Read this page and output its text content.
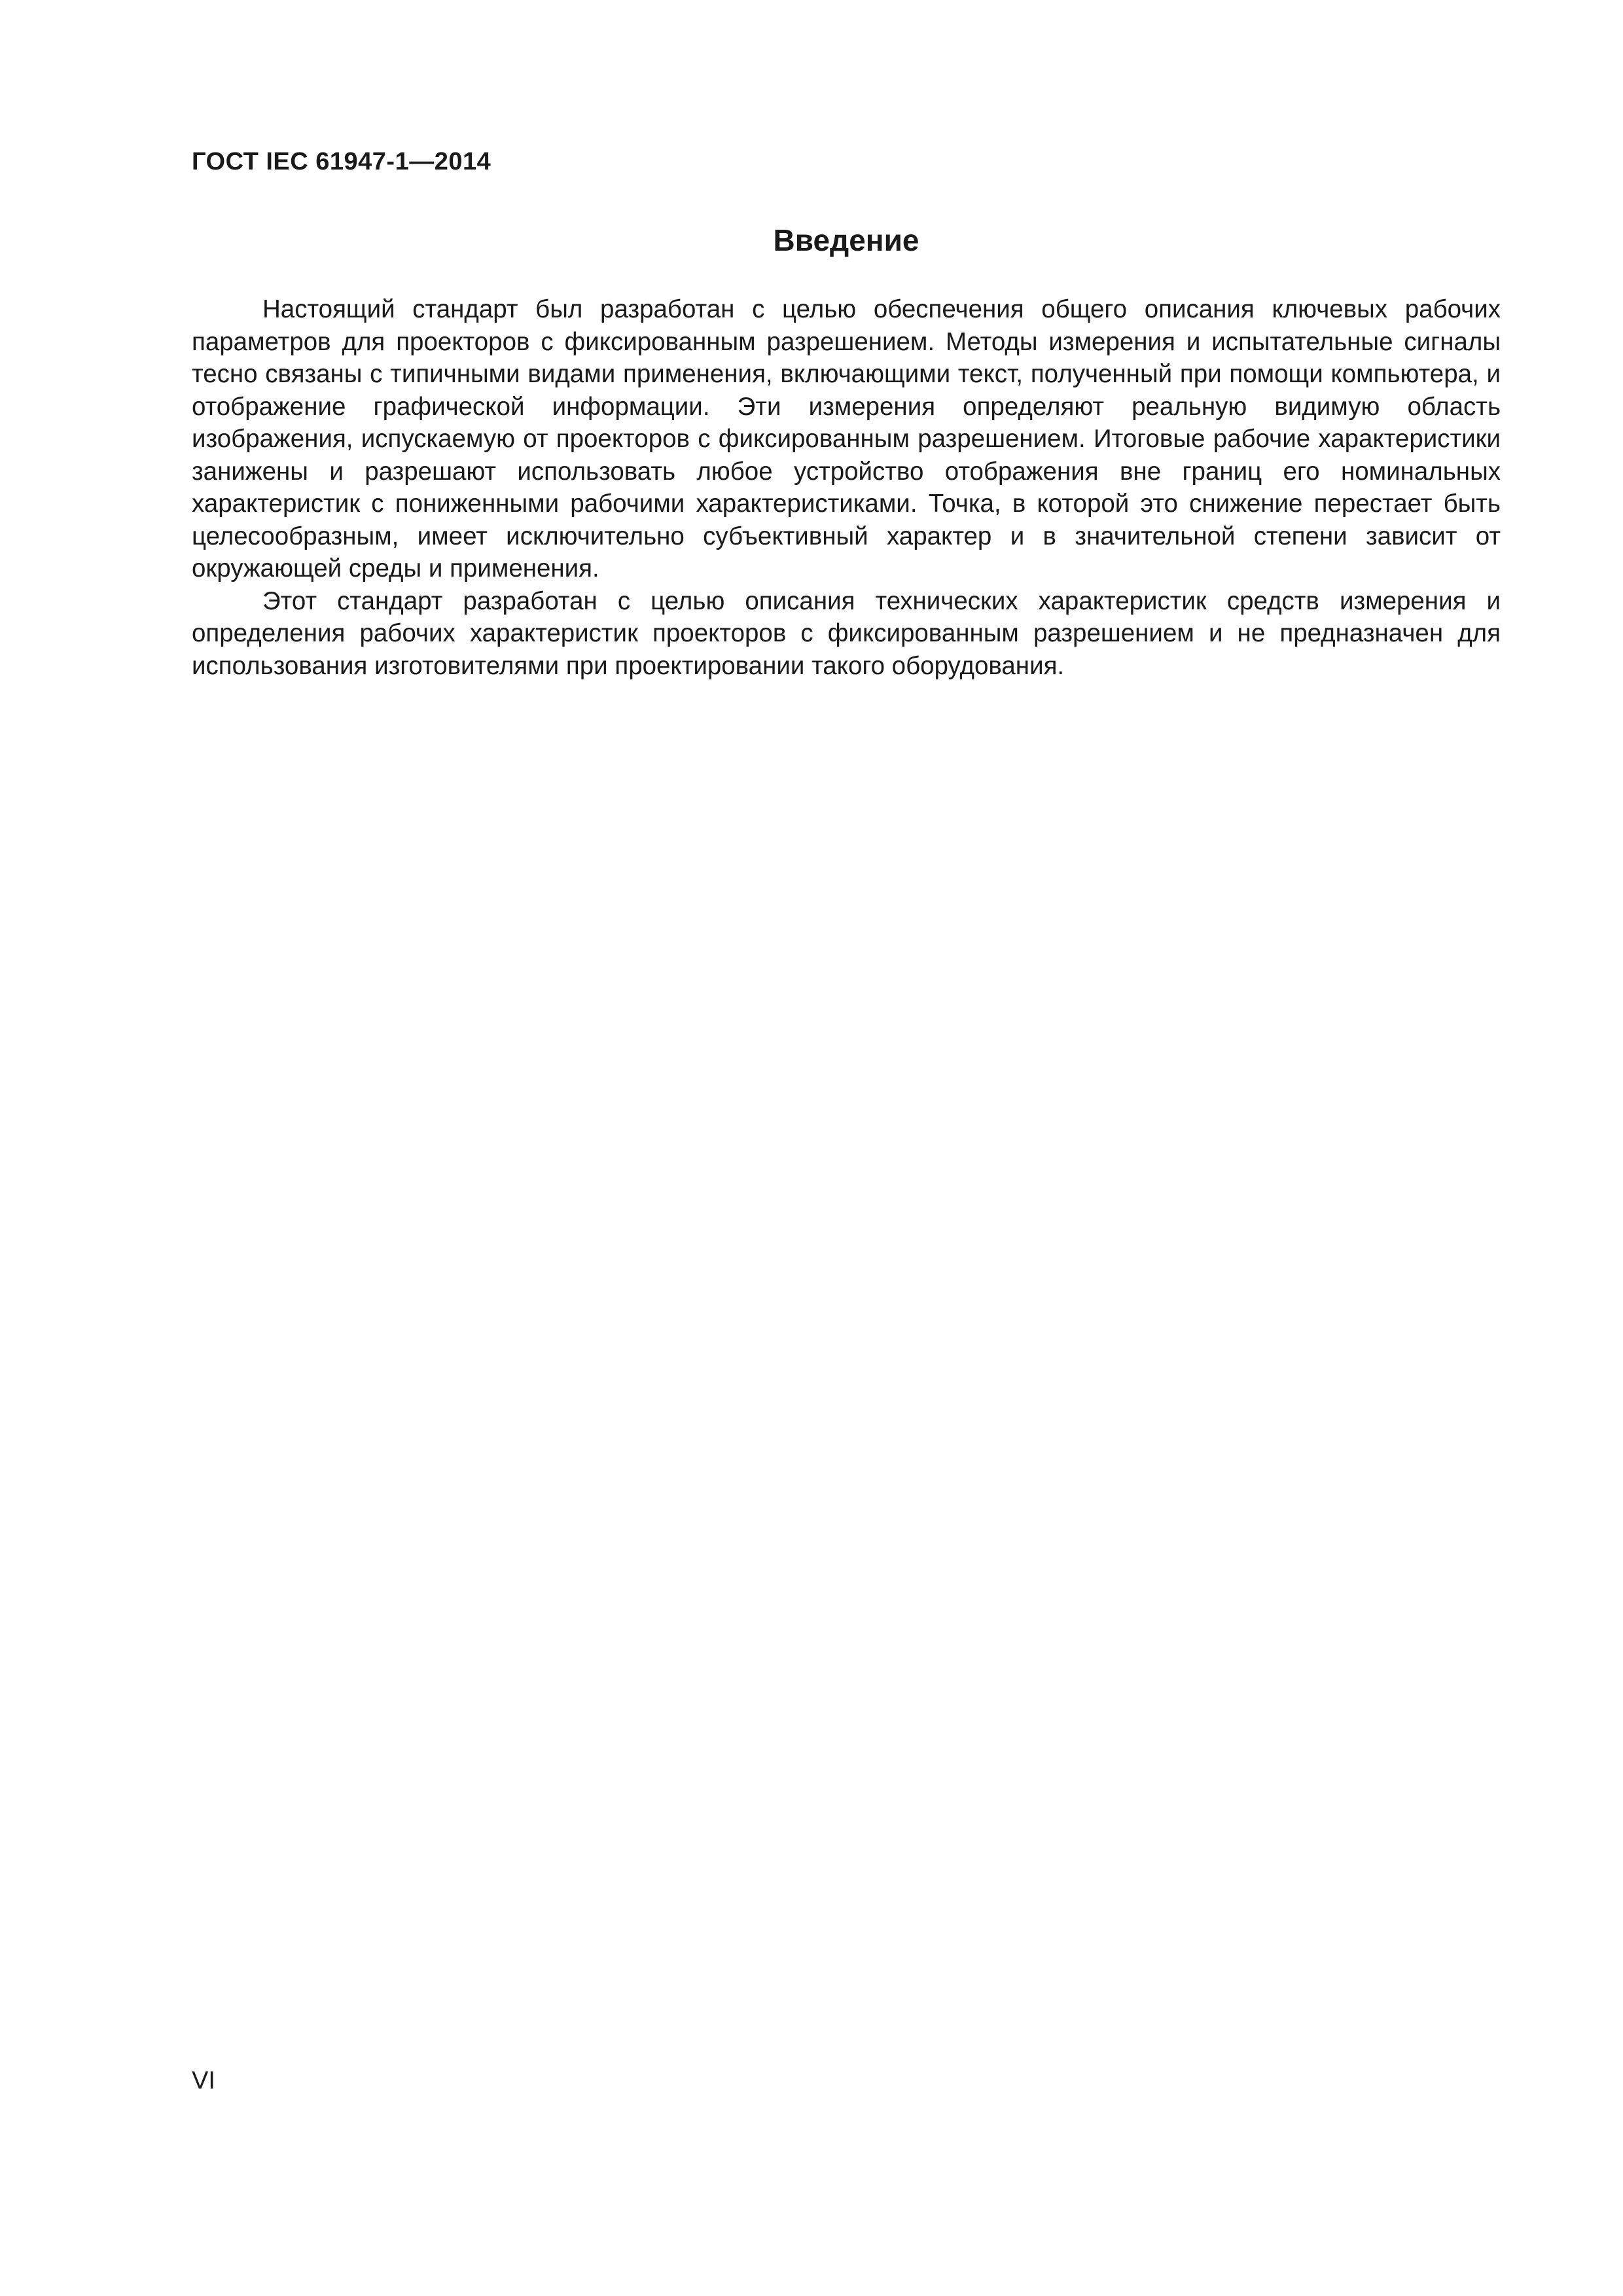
ГОСТ IEC 61947-1—2014
Введение

Настоящий стандарт был разработан с целью обеспечения общего описания ключевых рабочих параметров для проекторов с фиксированным разрешением. Методы измерения и испытательные сигналы тесно связаны с типичными видами применения, включающими текст, полученный при помощи компьютера, и отображение графической информации. Эти измерения определяют реальную видимую область изображения, испускаемую от проекторов с фиксированным разрешением. Итоговые рабочие характеристики занижены и разрешают использовать любое устройство отображения вне границ его номинальных характеристик с пониженными рабочими характеристиками. Точка, в которой это снижение перестает быть целесообразным, имеет исключительно субъективный характер и в значительной степени зависит от окружающей среды и применения.

Этот стандарт разработан с целью описания технических характеристик средств измерения и определения рабочих характеристик проекторов с фиксированным разрешением и не предназначен для использования изготовителями при проектировании такого оборудования.

VI
